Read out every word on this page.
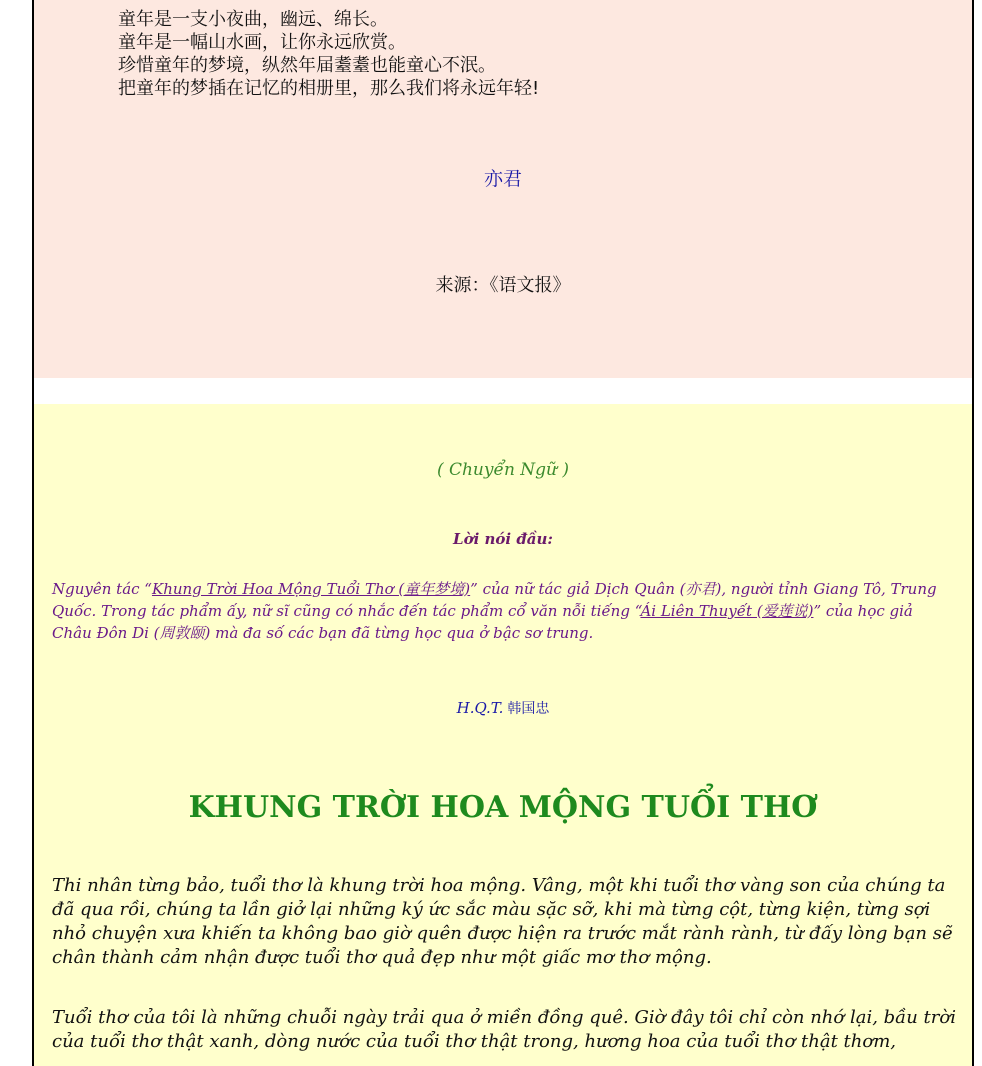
童年是一支小夜曲，幽远、绵长。
童年是一幅山水画，让你永远欣赏。
珍惜童年的梦境，纵然年届耋耋也能童心不泯。
把童年的梦插在记忆的相册里，那么我们将永远年轻!
亦君
来源：《语文报》
( Chuyển Ngữ )
Lời nói đầu:
Nguyên tác “Khung Trời Hoa Mộng Tuổi Thơ (童年梦境)” của nữ tác giả Dịch Quân (亦君), người tỉnh Giang Tô, Trung Quốc. Trong tác phẩm ấy, nữ sĩ cũng có nhắc đến tác phẩm cổ văn nỗi tiếng “Ái Liên Thuyết (爱莲说)” của học giả Châu Đôn Di (周敦颐) mà đa số các bạn đã từng học qua ở bậc sơ trung.
H.Q.T. 韩国忠
KHUNG TRỜI HOA MỘNG TUỔI THƠ
Thi nhân từng bảo, tuổi thơ là khung trời hoa mộng. Vâng, một khi tuổi thơ vàng son của chúng ta đã qua rồi, chúng ta lần giở lại những ký ức sắc màu sặc sỡ, khi mà từng cột, từng kiện, từng sợi nhỏ chuyện xưa khiến ta không bao giờ quên được hiện ra trước mắt rành rành, từ đấy lòng bạn sẽ chân thành cảm nhận được tuổi thơ quả đẹp như một giấc mơ thơ mộng.
Tuổi thơ của tôi là những chuỗi ngày trải qua ở miền đồng quê. Giờ đây tôi chỉ còn nhớ lại, bầu trời của tuổi thơ thật xanh, dòng nước của tuổi thơ thật trong, hương hoa của tuổi thơ thật thơm,
